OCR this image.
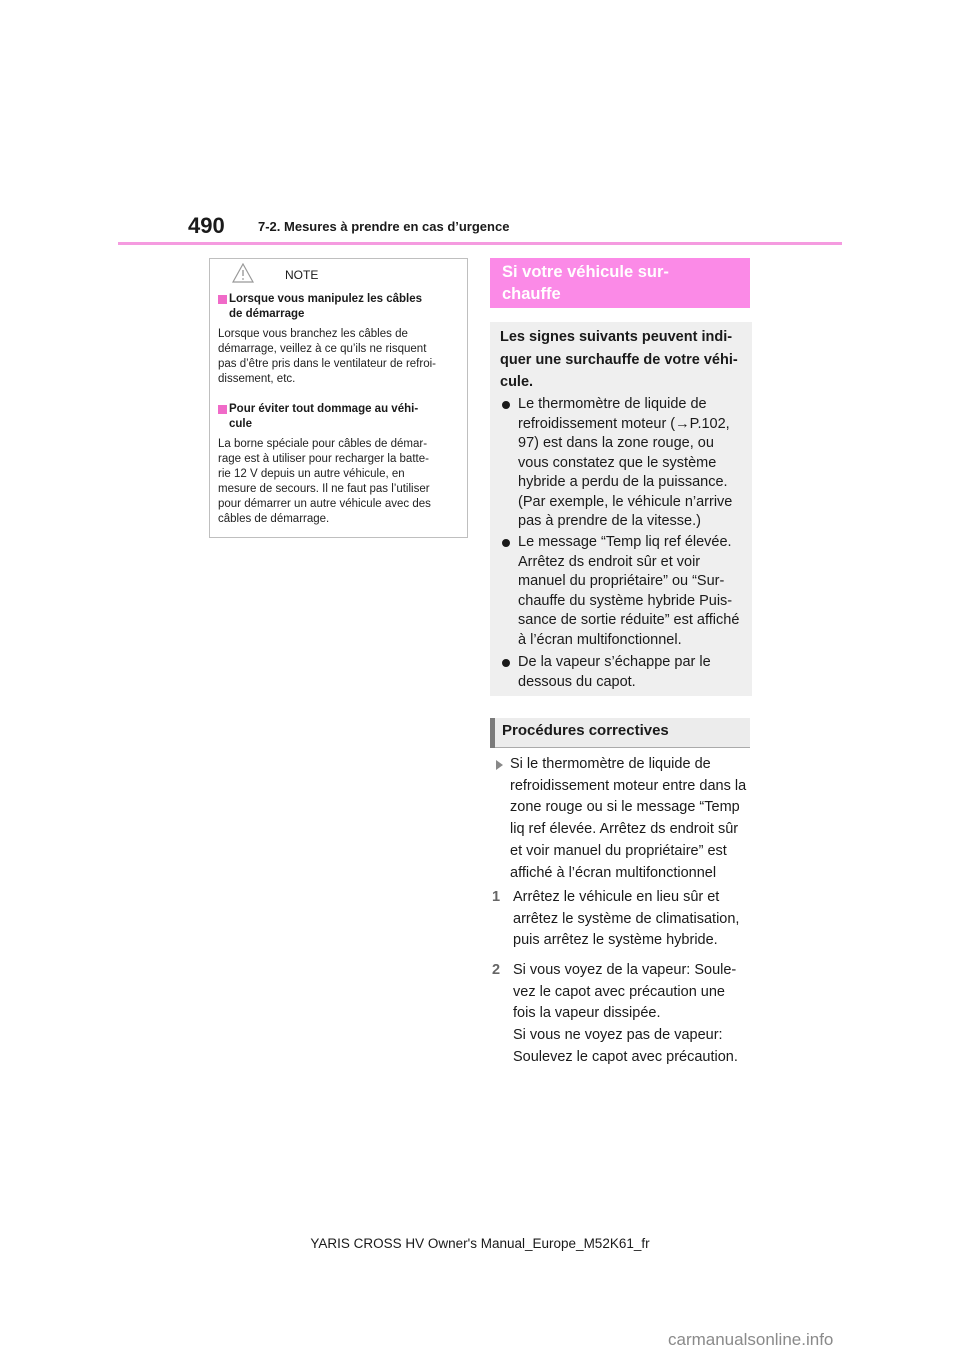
490	7-2. Mesures à prendre en cas d’urgence
NOTE
Lorsque vous manipulez les câbles
de démarrage
Lorsque vous branchez les câbles de
démarrage, veillez à ce qu’ils ne risquent
pas d’être pris dans le ventilateur de refroi-
dissement, etc.
Pour éviter tout dommage au véhi-
cule
La borne spéciale pour câbles de démar-
rage est à utiliser pour recharger la batte-
rie 12 V depuis un autre véhicule, en
mesure de secours. Il ne faut pas l’utiliser
pour démarrer un autre véhicule avec des
câbles de démarrage.
Si votre véhicule sur-
chauffe
Les signes suivants peuvent indi-
quer une surchauffe de votre véhi-
cule.
Le thermomètre de liquide de
refroidissement moteur (→P.102,
97) est dans la zone rouge, ou
vous constatez que le système
hybride a perdu de la puissance.
(Par exemple, le véhicule n’arrive
pas à prendre de la vitesse.)
Le message “Temp liq ref élevée.
Arrêtez ds endroit sûr et voir
manuel du propriétaire” ou “Sur-
chauffe du système hybride Puis-
sance de sortie réduite” est affiché
à l’écran multifonctionnel.
De la vapeur s’échappe par le
dessous du capot.
Procédures correctives
Si le thermomètre de liquide de
refroidissement moteur entre dans la
zone rouge ou si le message “Temp
liq ref élevée. Arrêtez ds endroit sûr
et voir manuel du propriétaire” est
affiché à l’écran multifonctionnel
1 Arrêtez le véhicule en lieu sûr et
arrêtez le système de climatisation,
puis arrêtez le système hybride.
2 Si vous voyez de la vapeur: Soule-
vez le capot avec précaution une
fois la vapeur dissipée.
Si vous ne voyez pas de vapeur:
Soulevez le capot avec précaution.
YARIS CROSS HV Owner's Manual_Europe_M52K61_fr
carmanualsonline.info
